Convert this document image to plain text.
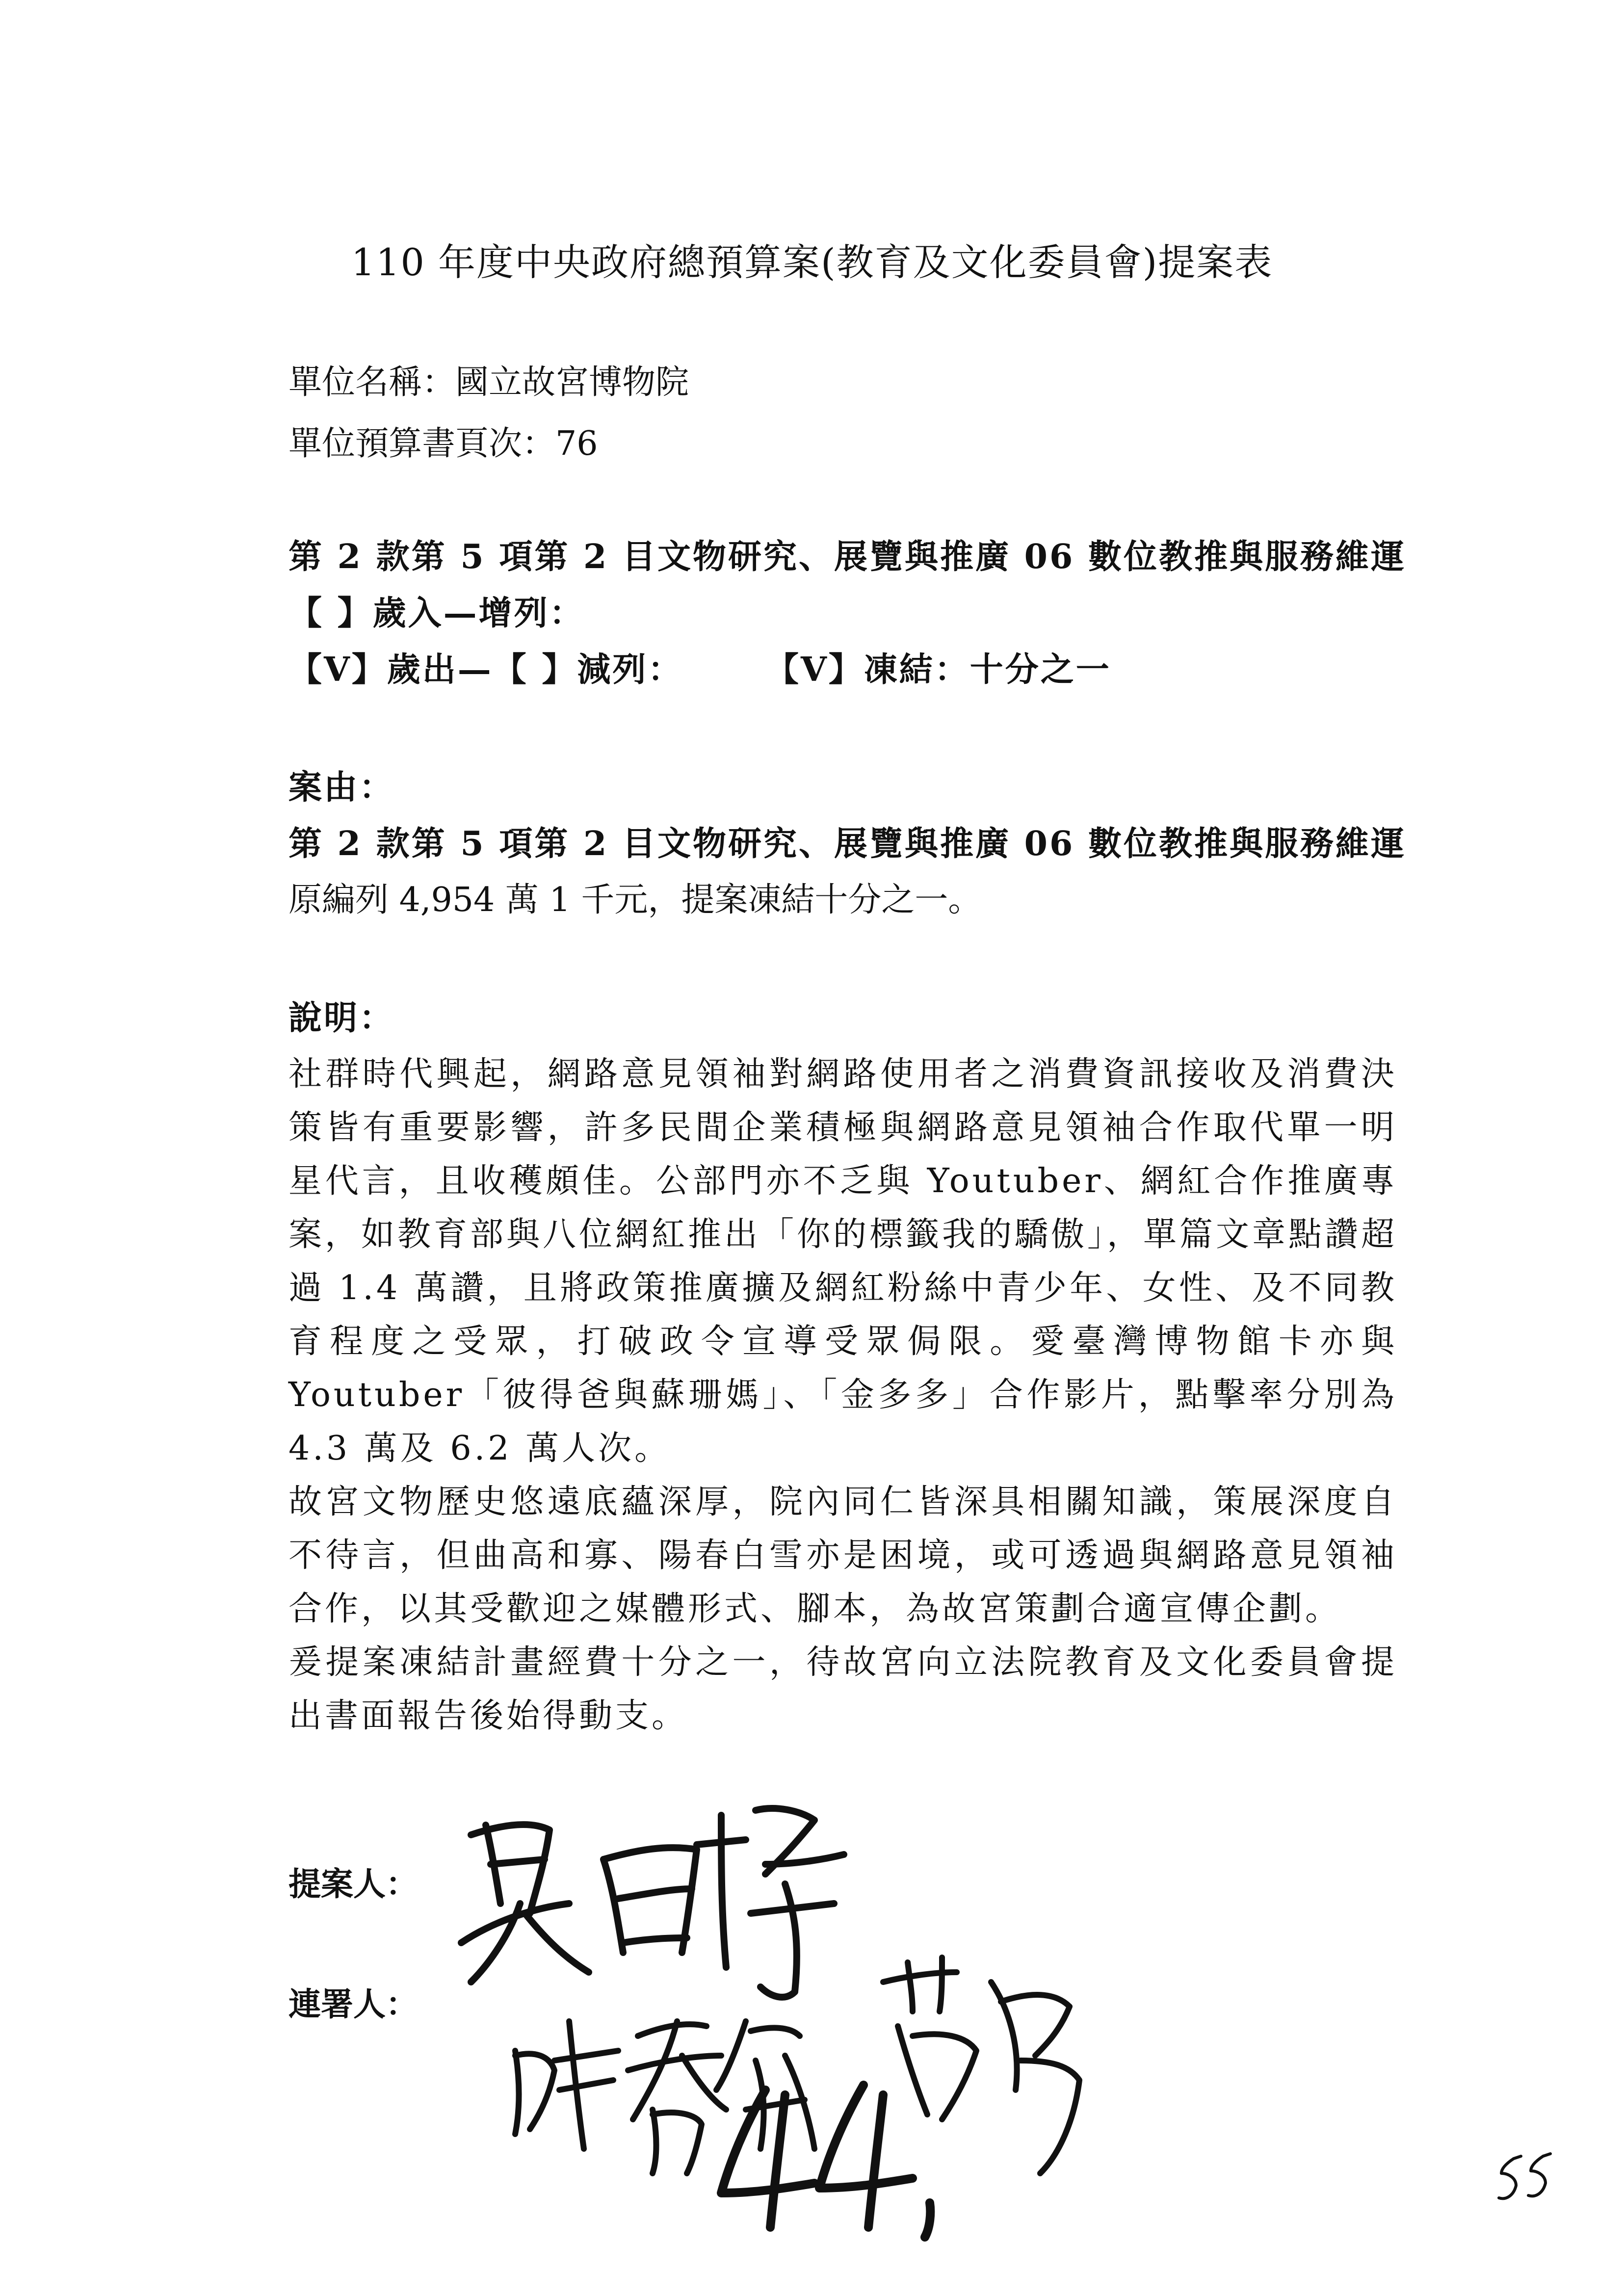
110 年度中央政府總預算案(教育及文化委員會)提案表
單位名稱：國立故宮博物院
單位預算書頁次：76
第 2 款第 5 項第 2 目文物研究、展覽與推廣 06 數位教推與服務維運
【 】歲入—增列：
【V】歲出—【 】減列： 【V】凍結：十分之一
案由：
第 2 款第 5 項第 2 目文物研究、展覽與推廣 06 數位教推與服務維運
原編列 4,954 萬 1 千元，提案凍結十分之一。
說明：

社群時代興起，網路意見領袖對網路使用者之消費資訊接收及消費決策皆有重要影響，許多民間企業積極與網路意見領袖合作取代單一明星代言，且收穫頗佳。公部門亦不乏與 Youtuber、網紅合作推廣專案，如教育部與八位網紅推出「你的標籤我的驕傲」，單篇文章點讚超過 1.4 萬讚，且將政策推廣擴及網紅粉絲中青少年、女性、及不同教育程度之受眾，打破政令宣導受眾侷限。愛臺灣博物館卡亦與 Youtuber「彼得爸與蘇珊媽」、「金多多」合作影片，點擊率分別為 4.3 萬及 6.2 萬人次。

故宮文物歷史悠遠底蘊深厚，院內同仁皆深具相關知識，策展深度自不待言，但曲高和寡、陽春白雪亦是困境，或可透過與網路意見領袖合作，以其受歡迎之媒體形式、腳本，為故宮策劃合適宣傳企劃。

爰提案凍結計畫經費十分之一，待故宮向立法院教育及文化委員會提出書面報告後始得動支。

提案人：
連署人：
